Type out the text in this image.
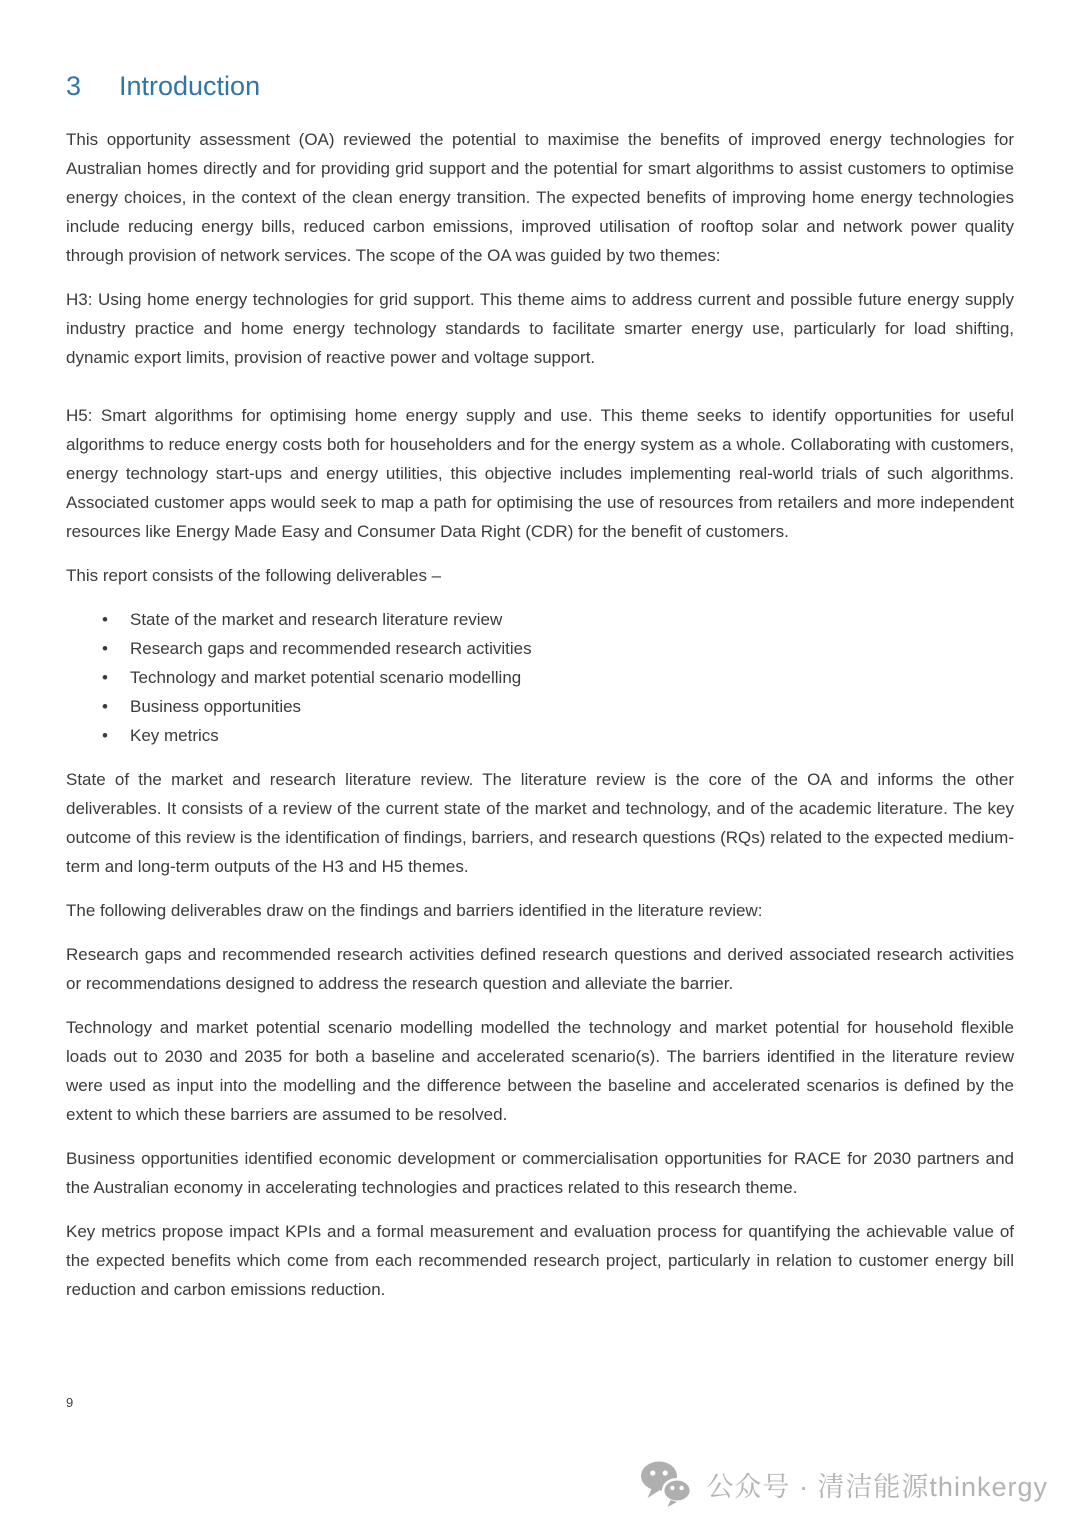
3	Introduction

This opportunity assessment (OA) reviewed the potential to maximise the benefits of improved energy technologies for Australian homes directly and for providing grid support and the potential for smart algorithms to assist customers to optimise energy choices, in the context of the clean energy transition. The expected benefits of improving home energy technologies include reducing energy bills, reduced carbon emissions, improved utilisation of rooftop solar and network power quality through provision of network services. The scope of the OA was guided by two themes:

H3: Using home energy technologies for grid support. This theme aims to address current and possible future energy supply industry practice and home energy technology standards to facilitate smarter energy use, particularly for load shifting, dynamic export limits, provision of reactive power and voltage support.

H5: Smart algorithms for optimising home energy supply and use. This theme seeks to identify opportunities for useful algorithms to reduce energy costs both for householders and for the energy system as a whole. Collaborating with customers, energy technology start-ups and energy utilities, this objective includes implementing real-world trials of such algorithms. Associated customer apps would seek to map a path for optimising the use of resources from retailers and more independent resources like Energy Made Easy and Consumer Data Right (CDR) for the benefit of customers.

This report consists of the following deliverables –

• State of the market and research literature review
• Research gaps and recommended research activities
• Technology and market potential scenario modelling
• Business opportunities
• Key metrics

State of the market and research literature review. The literature review is the core of the OA and informs the other deliverables. It consists of a review of the current state of the market and technology, and of the academic literature. The key outcome of this review is the identification of findings, barriers, and research questions (RQs) related to the expected medium-term and long-term outputs of the H3 and H5 themes.

The following deliverables draw on the findings and barriers identified in the literature review:

Research gaps and recommended research activities defined research questions and derived associated research activities or recommendations designed to address the research question and alleviate the barrier.

Technology and market potential scenario modelling modelled the technology and market potential for household flexible loads out to 2030 and 2035 for both a baseline and accelerated scenario(s). The barriers identified in the literature review were used as input into the modelling and the difference between the baseline and accelerated scenarios is defined by the extent to which these barriers are assumed to be resolved.

Business opportunities identified economic development or commercialisation opportunities for RACE for 2030 partners and the Australian economy in accelerating technologies and practices related to this research theme.

Key metrics propose impact KPIs and a formal measurement and evaluation process for quantifying the achievable value of the expected benefits which come from each recommended research project, particularly in relation to customer energy bill reduction and carbon emissions reduction.

9
公众号 · 清洁能源thinkergy
